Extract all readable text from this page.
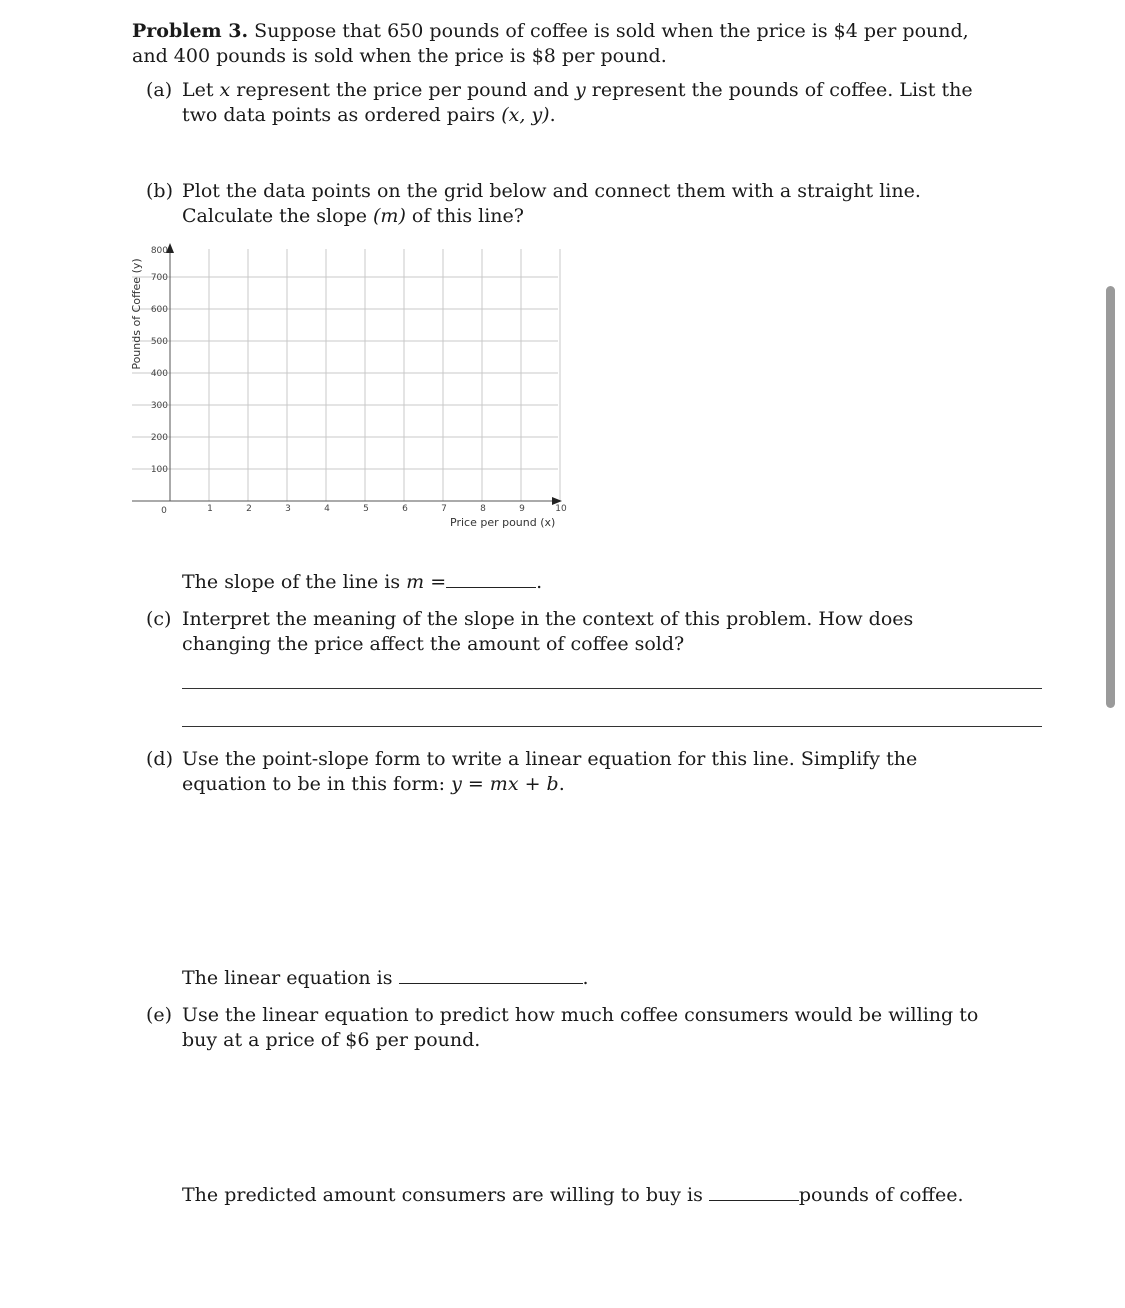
Problem 3. Suppose that 650 pounds of coffee is sold when the price is $4 per pound, and 400 pounds is sold when the price is $8 per pound.
(a) Let x represent the price per pound and y represent the pounds of coffee. List the two data points as ordered pairs (x, y).
(b) Plot the data points on the grid below and connect them with a straight line. Calculate the slope (m) of this line?
0	1	2	3	4	5	6	7	8	9	10
100
200
300
400
500
600
700
800
Price per pound (x)
Pounds of Coffee (y)
The slope of the line is m =	.
(c) Interpret the meaning of the slope in the context of this problem. How does changing the price affect the amount of coffee sold?
(d) Use the point-slope form to write a linear equation for this line. Simplify the equation to be in this form: y = mx + b.
The linear equation is	.
(e) Use the linear equation to predict how much coffee consumers would be willing to buy at a price of $6 per pound.
The predicted amount consumers are willing to buy is	pounds of coffee.
